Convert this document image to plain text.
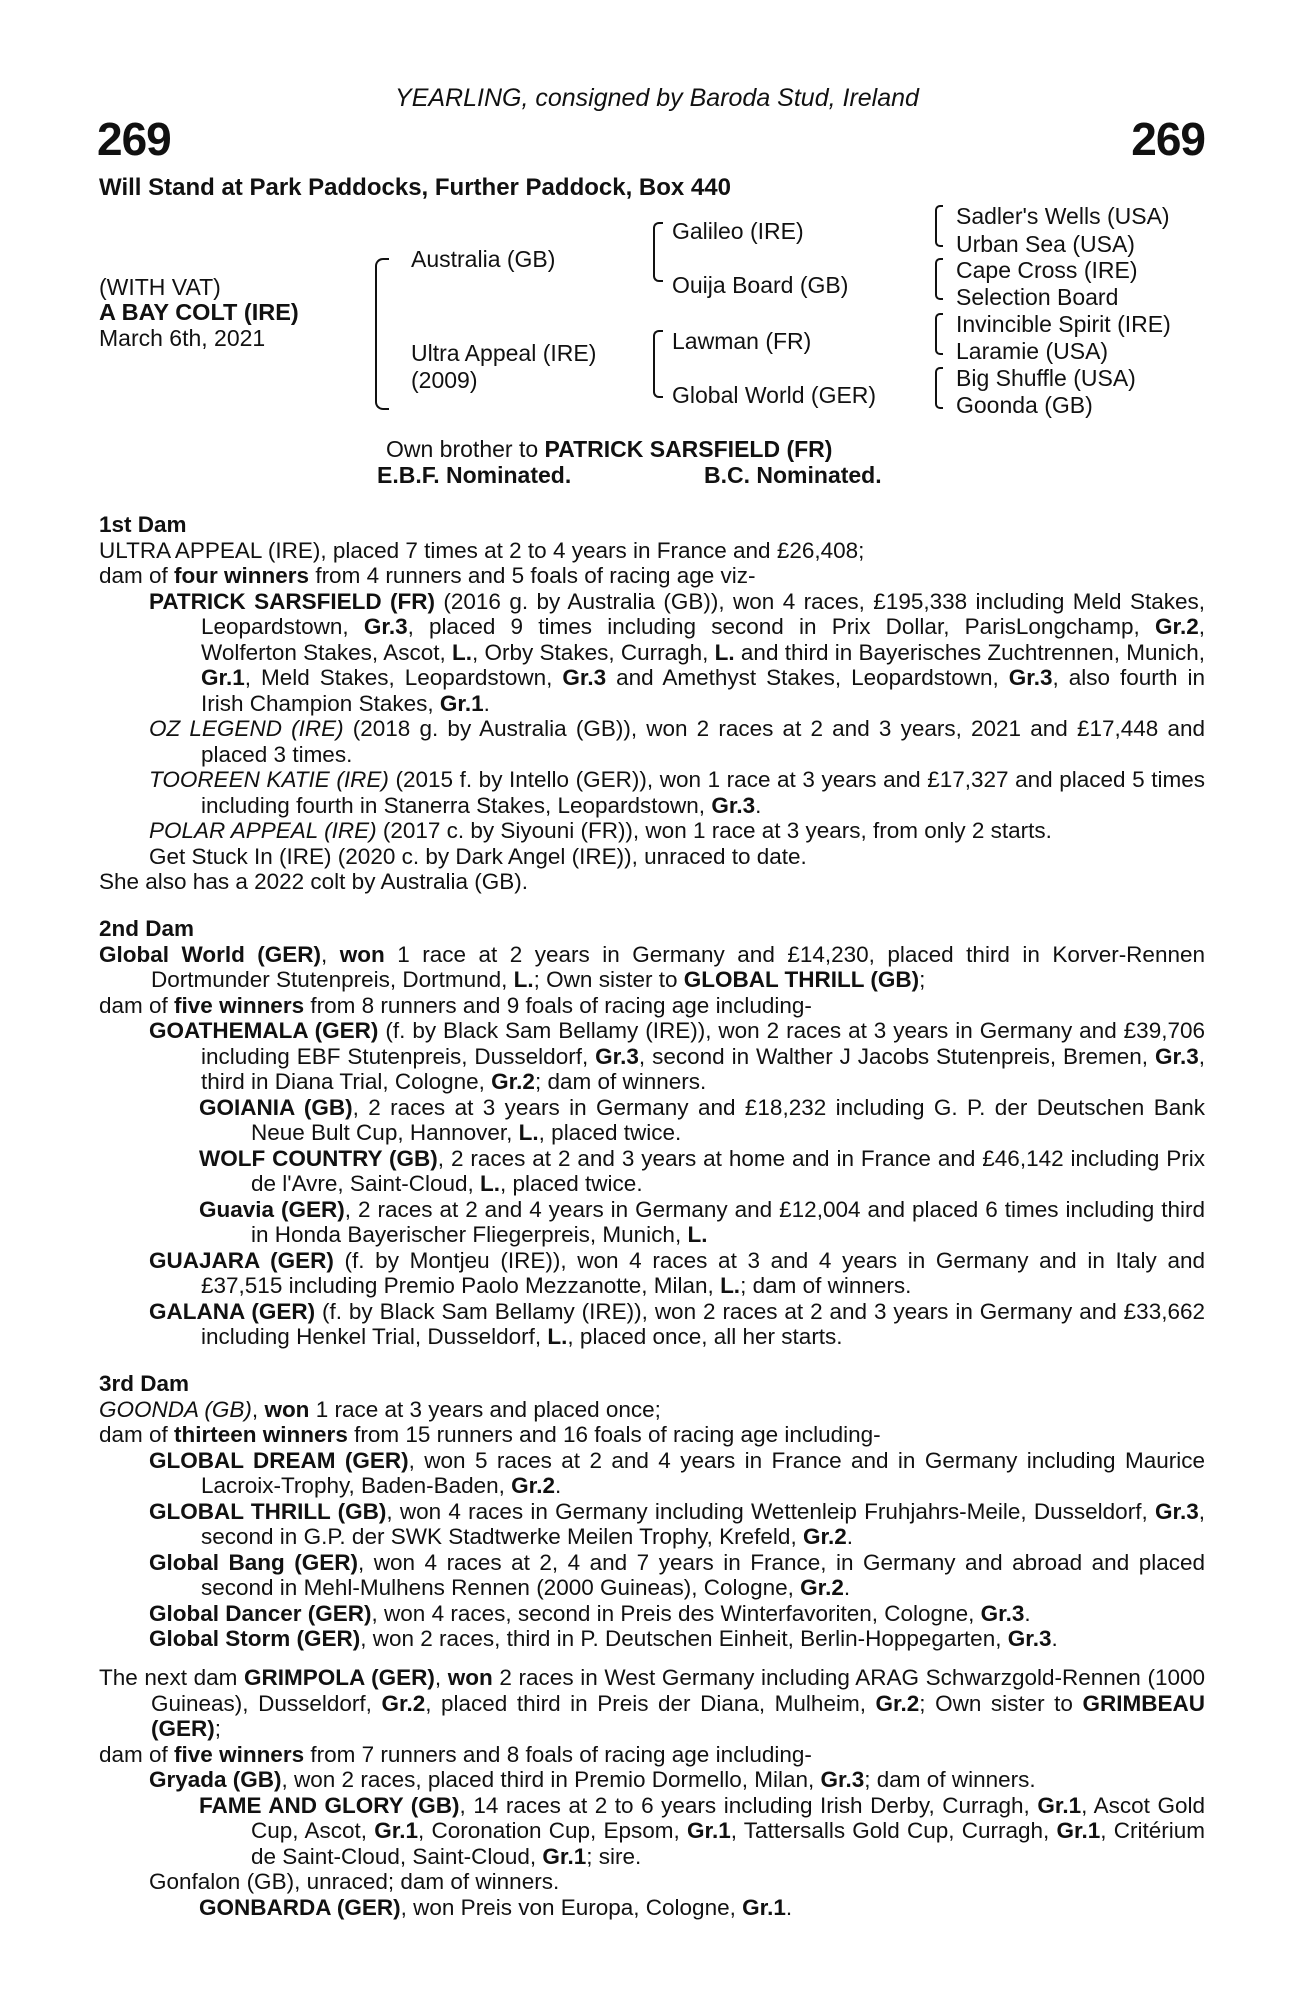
YEARLING, consigned by Baroda Stud, Ireland
269	269
Will Stand at Park Paddocks, Further Paddock, Box 440
(WITH VAT)
A BAY COLT (IRE)
March 6th, 2021
Australia (GB)
Ultra Appeal (IRE)
(2009)
Galileo (IRE)
Ouija Board (GB)
Lawman (FR)
Global World (GER)
Sadler's Wells (USA)
Urban Sea (USA)
Cape Cross (IRE)
Selection Board
Invincible Spirit (IRE)
Laramie (USA)
Big Shuffle (USA)
Goonda (GB)
Own brother to PATRICK SARSFIELD (FR)
E.B.F. Nominated.	B.C. Nominated.

1st Dam

ULTRA APPEAL (IRE), placed 7 times at 2 to 4 years in France and £26,408;

dam of four winners from 4 runners and 5 foals of racing age viz-

PATRICK SARSFIELD (FR) (2016 g. by Australia (GB)), won 4 races, £195,338 including Meld Stakes, Leopardstown, Gr.3, placed 9 times including second in Prix Dollar, ParisLongchamp, Gr.2, Wolferton Stakes, Ascot, L., Orby Stakes, Curragh, L. and third in Bayerisches Zuchtrennen, Munich, Gr.1, Meld Stakes, Leopardstown, Gr.3 and Amethyst Stakes, Leopardstown, Gr.3, also fourth in Irish Champion Stakes, Gr.1.

OZ LEGEND (IRE) (2018 g. by Australia (GB)), won 2 races at 2 and 3 years, 2021 and £17,448 and placed 3 times.

TOOREEN KATIE (IRE) (2015 f. by Intello (GER)), won 1 race at 3 years and £17,327 and placed 5 times including fourth in Stanerra Stakes, Leopardstown, Gr.3.

POLAR APPEAL (IRE) (2017 c. by Siyouni (FR)), won 1 race at 3 years, from only 2 starts.

Get Stuck In (IRE) (2020 c. by Dark Angel (IRE)), unraced to date.

She also has a 2022 colt by Australia (GB).

2nd Dam

Global World (GER), won 1 race at 2 years in Germany and £14,230, placed third in Korver-Rennen Dortmunder Stutenpreis, Dortmund, L.; Own sister to GLOBAL THRILL (GB);

dam of five winners from 8 runners and 9 foals of racing age including-

GOATHEMALA (GER) (f. by Black Sam Bellamy (IRE)), won 2 races at 3 years in Germany and £39,706 including EBF Stutenpreis, Dusseldorf, Gr.3, second in Walther J Jacobs Stutenpreis, Bremen, Gr.3, third in Diana Trial, Cologne, Gr.2; dam of winners.

GOIANIA (GB), 2 races at 3 years in Germany and £18,232 including G. P. der Deutschen Bank Neue Bult Cup, Hannover, L., placed twice.

WOLF COUNTRY (GB), 2 races at 2 and 3 years at home and in France and £46,142 including Prix de l'Avre, Saint-Cloud, L., placed twice.

Guavia (GER), 2 races at 2 and 4 years in Germany and £12,004 and placed 6 times including third in Honda Bayerischer Fliegerpreis, Munich, L.

GUAJARA (GER) (f. by Montjeu (IRE)), won 4 races at 3 and 4 years in Germany and in Italy and £37,515 including Premio Paolo Mezzanotte, Milan, L.; dam of winners.

GALANA (GER) (f. by Black Sam Bellamy (IRE)), won 2 races at 2 and 3 years in Germany and £33,662 including Henkel Trial, Dusseldorf, L., placed once, all her starts.

3rd Dam

GOONDA (GB), won 1 race at 3 years and placed once;

dam of thirteen winners from 15 runners and 16 foals of racing age including-

GLOBAL DREAM (GER), won 5 races at 2 and 4 years in France and in Germany including Maurice Lacroix-Trophy, Baden-Baden, Gr.2.

GLOBAL THRILL (GB), won 4 races in Germany including Wettenleip Fruhjahrs-Meile, Dusseldorf, Gr.3, second in G.P. der SWK Stadtwerke Meilen Trophy, Krefeld, Gr.2.

Global Bang (GER), won 4 races at 2, 4 and 7 years in France, in Germany and abroad and placed second in Mehl-Mulhens Rennen (2000 Guineas), Cologne, Gr.2.

Global Dancer (GER), won 4 races, second in Preis des Winterfavoriten, Cologne, Gr.3.

Global Storm (GER), won 2 races, third in P. Deutschen Einheit, Berlin-Hoppegarten, Gr.3.

The next dam GRIMPOLA (GER), won 2 races in West Germany including ARAG Schwarzgold-Rennen (1000 Guineas), Dusseldorf, Gr.2, placed third in Preis der Diana, Mulheim, Gr.2; Own sister to GRIMBEAU (GER);

dam of five winners from 7 runners and 8 foals of racing age including-

Gryada (GB), won 2 races, placed third in Premio Dormello, Milan, Gr.3; dam of winners.

FAME AND GLORY (GB), 14 races at 2 to 6 years including Irish Derby, Curragh, Gr.1, Ascot Gold Cup, Ascot, Gr.1, Coronation Cup, Epsom, Gr.1, Tattersalls Gold Cup, Curragh, Gr.1, Critérium de Saint-Cloud, Saint-Cloud, Gr.1; sire.

Gonfalon (GB), unraced; dam of winners.

GONBARDA (GER), won Preis von Europa, Cologne, Gr.1.
